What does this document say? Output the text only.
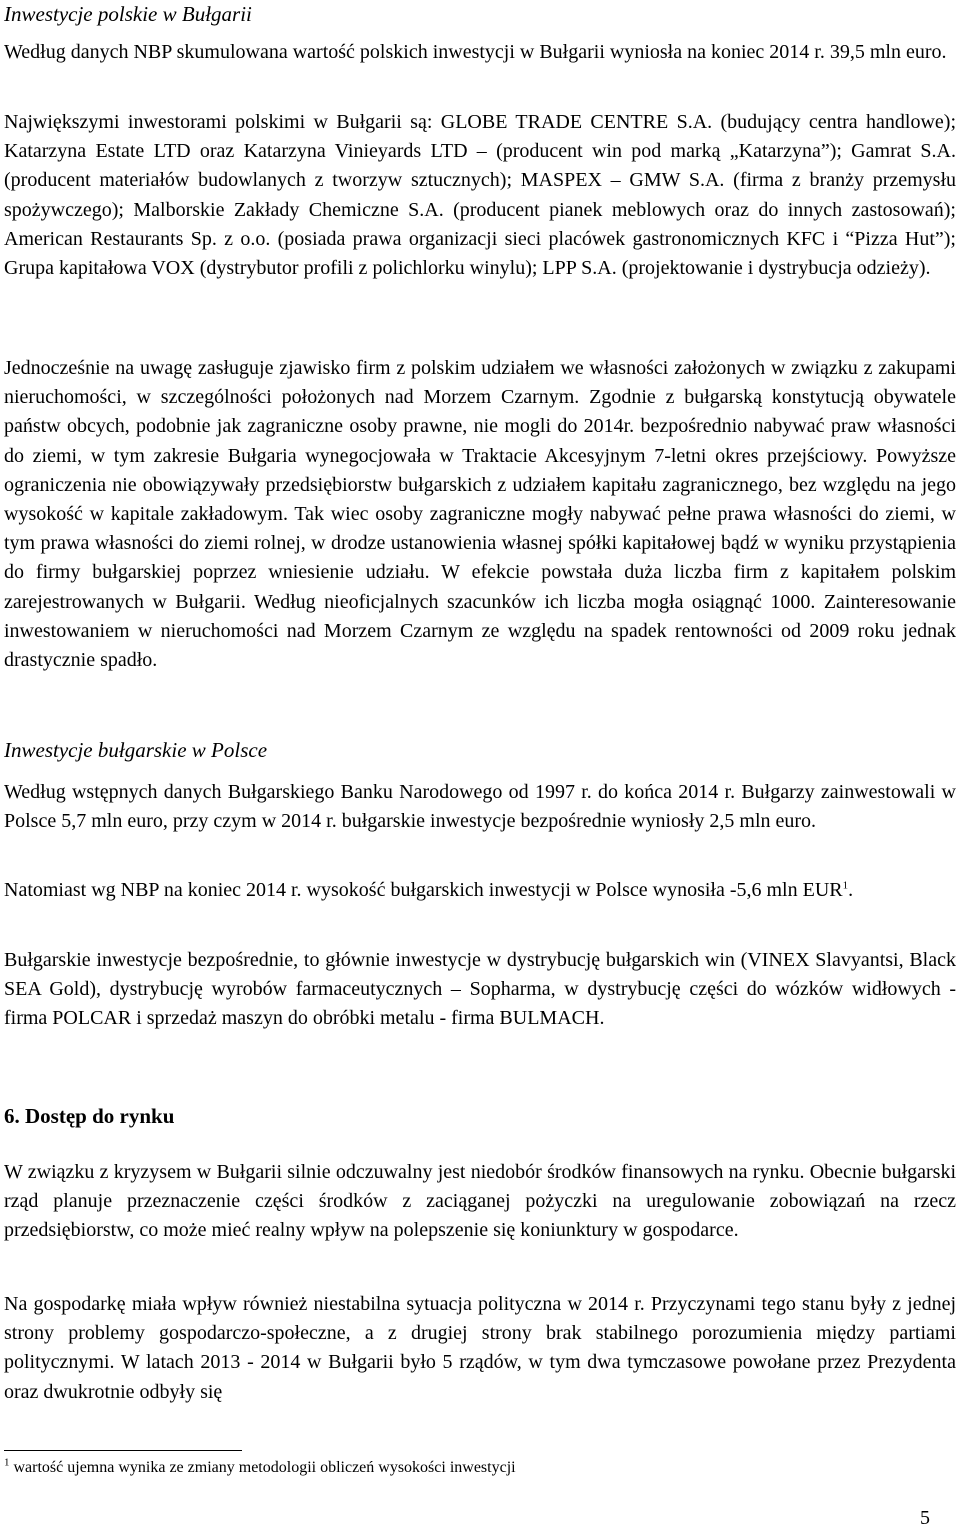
Inwestycje polskie w Bułgarii

Według danych NBP skumulowana wartość polskich inwestycji w Bułgarii wyniosła na koniec 2014 r. 39,5 mln euro.

Największymi inwestorami polskimi w Bułgarii są: GLOBE TRADE CENTRE S.A. (budujący centra handlowe); Katarzyna Estate LTD oraz Katarzyna Vinieyards LTD – (producent win pod marką „Katarzyna”); Gamrat S.A. (producent materiałów budowlanych z tworzyw sztucznych); MASPEX – GMW S.A. (firma z branży przemysłu spożywczego); Malborskie Zakłady Chemiczne S.A. (producent pianek meblowych oraz do innych zastosowań); American Restaurants Sp. z o.o. (posiada prawa organizacji sieci placówek gastronomicznych KFC i “Pizza Hut”); Grupa kapitałowa VOX (dystrybutor profili z polichlorku winylu); LPP S.A. (projektowanie i dystrybucja odzieży).

Jednocześnie na uwagę zasługuje zjawisko firm z polskim udziałem we własności założonych w związku z zakupami nieruchomości, w szczególności położonych nad Morzem Czarnym. Zgodnie z bułgarską konstytucją obywatele państw obcych, podobnie jak zagraniczne osoby prawne, nie mogli do 2014r. bezpośrednio nabywać praw własności do ziemi, w tym zakresie Bułgaria wynegocjowała w Traktacie Akcesyjnym 7-letni okres przejściowy. Powyższe ograniczenia nie obowiązywały przedsiębiorstw bułgarskich z udziałem kapitału zagranicznego, bez względu na jego wysokość w kapitale zakładowym. Tak wiec osoby zagraniczne mogły nabywać pełne prawa własności do ziemi, w tym prawa własności do ziemi rolnej, w drodze ustanowienia własnej spółki kapitałowej bądź w wyniku przystąpienia do firmy bułgarskiej poprzez wniesienie udziału. W efekcie powstała duża liczba firm z kapitałem polskim zarejestrowanych w Bułgarii. Według nieoficjalnych szacunków ich liczba mogła osiągnąć 1000. Zainteresowanie inwestowaniem w nieruchomości nad Morzem Czarnym ze względu na spadek rentowności od 2009 roku jednak drastycznie spadło.

Inwestycje bułgarskie w Polsce

Według wstępnych danych Bułgarskiego Banku Narodowego od 1997 r. do końca 2014 r. Bułgarzy zainwestowali w Polsce 5,7 mln euro, przy czym w 2014 r. bułgarskie inwestycje bezpośrednie wyniosły 2,5 mln euro.

Natomiast wg NBP na koniec 2014 r. wysokość bułgarskich inwestycji w Polsce wynosiła -5,6 mln EUR$^1$.

Bułgarskie inwestycje bezpośrednie, to głównie inwestycje w dystrybucję bułgarskich win (VINEX Slavyantsi, Black SEA Gold), dystrybucję wyrobów farmaceutycznych – Sopharma, w dystrybucję części do wózków widłowych - firma POLCAR i sprzedaż maszyn do obróbki metalu - firma BULMACH.

6. Dostęp do rynku

W związku z kryzysem w Bułgarii silnie odczuwalny jest niedobór środków finansowych na rynku. Obecnie bułgarski rząd planuje przeznaczenie części środków z zaciąganej pożyczki na uregulowanie zobowiązań na rzecz przedsiębiorstw, co może mieć realny wpływ na polepszenie się koniunktury w gospodarce.

Na gospodarkę miała wpływ również niestabilna sytuacja polityczna w 2014 r. Przyczynami tego stanu były z jednej strony problemy gospodarczo-społeczne, a z drugiej strony brak stabilnego porozumienia między partiami politycznymi. W latach 2013 - 2014 w Bułgarii było 5 rządów, w tym dwa tymczasowe powołane przez Prezydenta oraz dwukrotnie odbyły się

$^1$ wartość ujemna wynika ze zmiany metodologii obliczeń wysokości inwestycji
5
